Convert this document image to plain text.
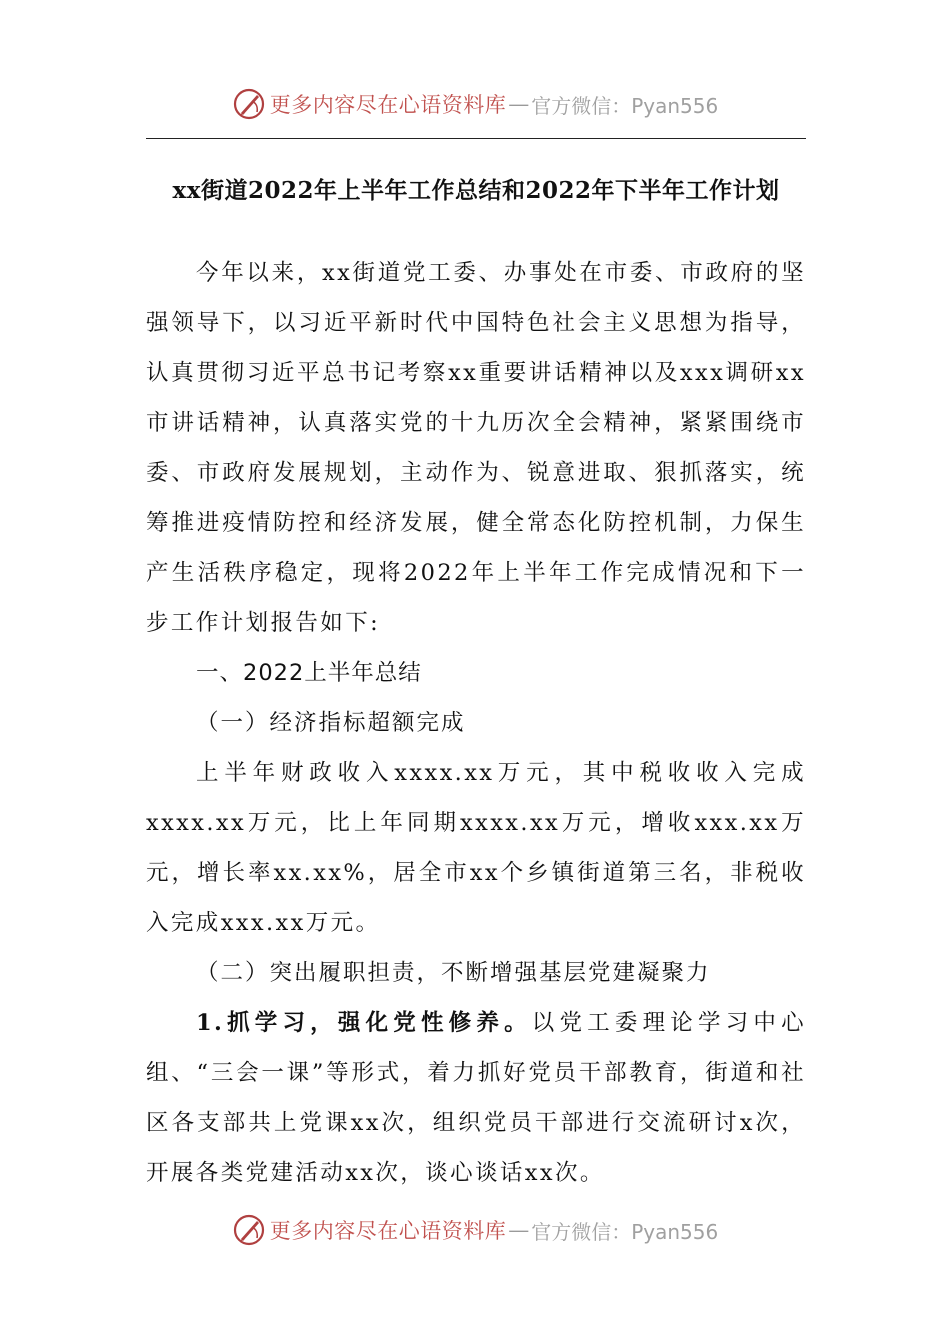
更多内容尽在心语资料库 — 官方微信：Pyan556
xx街道2022年上半年工作总结和2022年下半年工作计划

今年以来，xx街道党工委、办事处在市委、市政府的坚强领导下，以习近平新时代中国特色社会主义思想为指导，认真贯彻习近平总书记考察xx重要讲话精神以及xxx调研xx市讲话精神，认真落实党的十九历次全会精神，紧紧围绕市委、市政府发展规划，主动作为、锐意进取、狠抓落实，统筹推进疫情防控和经济发展，健全常态化防控机制，力保生产生活秩序稳定，现将2022年上半年工作完成情况和下一步工作计划报告如下:

一、2022上半年总结

（一）经济指标超额完成

上半年财政收入xxxx.xx万元，其中税收收入完成xxxx.xx万元，比上年同期xxxx.xx万元，增收xxx.xx万元，增长率xx.xx%，居全市xx个乡镇街道第三名，非税收入完成xxx.xx万元。

（二）突出履职担责，不断增强基层党建凝聚力

1.抓学习，强化党性修养。以党工委理论学习中心组、“三会一课”等形式，着力抓好党员干部教育，街道和社区各支部共上党课xx次，组织党员干部进行交流研讨x次，开展各类党建活动xx次，谈心谈话xx次。

更多内容尽在心语资料库 — 官方微信：Pyan556
